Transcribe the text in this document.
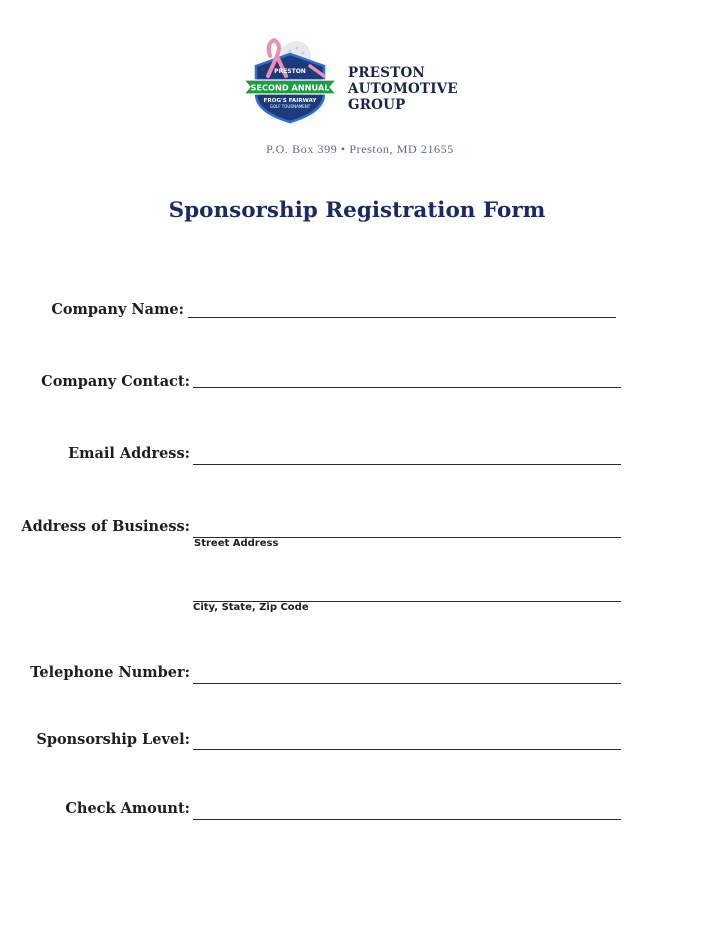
PRESTON
SECOND ANNUAL
FROG'S FAIRWAY
GOLF TOURNAMENT

PRESTON
AUTOMOTIVE
GROUP

P.O. Box 399 • Preston, MD 21655
Sponsorship Registration Form
Company Name:
Company Contact:
Email Address:
Address of Business:
Street Address
City, State, Zip Code
Telephone Number:
Sponsorship Level:
Check Amount:
